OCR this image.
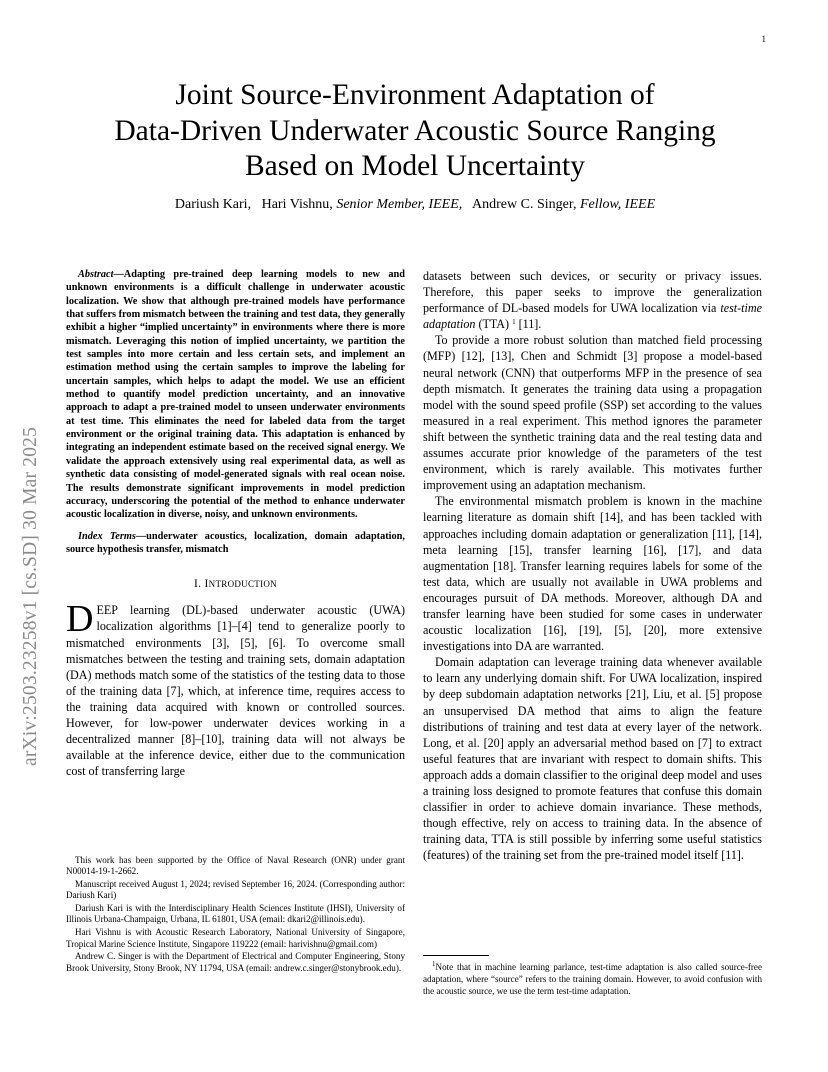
1
arXiv:2503.23258v1 [cs.SD] 30 Mar 2025
Joint Source-Environment Adaptation of
Data-Driven Underwater Acoustic Source Ranging
Based on Model Uncertainty
Dariush Kari, Hari Vishnu, Senior Member, IEEE, Andrew C. Singer, Fellow, IEEE

Abstract—Adapting pre-trained deep learning models to new and unknown environments is a difficult challenge in underwater acoustic localization. We show that although pre-trained models have performance that suffers from mismatch between the training and test data, they generally exhibit a higher “implied uncertainty” in environments where there is more mismatch. Leveraging this notion of implied uncertainty, we partition the test samples into more certain and less certain sets, and implement an estimation method using the certain samples to improve the labeling for uncertain samples, which helps to adapt the model. We use an efficient method to quantify model prediction uncertainty, and an innovative approach to adapt a pre-trained model to unseen underwater environments at test time. This eliminates the need for labeled data from the target environment or the original training data. This adaptation is enhanced by integrating an independent estimate based on the received signal energy. We validate the approach extensively using real experimental data, as well as synthetic data consisting of model-generated signals with real ocean noise. The results demonstrate significant improvements in model prediction accuracy, underscoring the potential of the method to enhance underwater acoustic localization in diverse, noisy, and unknown environments.

Index Terms—underwater acoustics, localization, domain adaptation, source hypothesis transfer, mismatch

I. INTRODUCTION

DEEP learning (DL)-based underwater acoustic (UWA) localization algorithms [1]–[4] tend to generalize poorly to mismatched environments [3], [5], [6]. To overcome small mismatches between the testing and training sets, domain adaptation (DA) methods match some of the statistics of the testing data to those of the training data [7], which, at inference time, requires access to the training data acquired with known or controlled sources. However, for low-power underwater devices working in a decentralized manner [8]–[10], training data will not always be available at the inference device, either due to the communication cost of transferring large

datasets between such devices, or security or privacy issues. Therefore, this paper seeks to improve the generalization performance of DL-based models for UWA localization via test-time adaptation (TTA) $^1$ [11].

To provide a more robust solution than matched field processing (MFP) [12], [13], Chen and Schmidt [3] propose a model-based neural network (CNN) that outperforms MFP in the presence of sea depth mismatch. It generates the training data using a propagation model with the sound speed profile (SSP) set according to the values measured in a real experiment. This method ignores the parameter shift between the synthetic training data and the real testing data and assumes accurate prior knowledge of the parameters of the test environment, which is rarely available. This motivates further improvement using an adaptation mechanism.

The environmental mismatch problem is known in the machine learning literature as domain shift [14], and has been tackled with approaches including domain adaptation or generalization [11], [14], meta learning [15], transfer learning [16], [17], and data augmentation [18]. Transfer learning requires labels for some of the test data, which are usually not available in UWA problems and encourages pursuit of DA methods. Moreover, although DA and transfer learning have been studied for some cases in underwater acoustic localization [16], [19], [5], [20], more extensive investigations into DA are warranted.

Domain adaptation can leverage training data whenever available to learn any underlying domain shift. For UWA localization, inspired by deep subdomain adaptation networks [21], Liu, et al. [5] propose an unsupervised DA method that aims to align the feature distributions of training and test data at every layer of the network. Long, et al. [20] apply an adversarial method based on [7] to extract useful features that are invariant with respect to domain shifts. This approach adds a domain classifier to the original deep model and uses a training loss designed to promote features that confuse this domain classifier in order to achieve domain invariance. These methods, though effective, rely on access to training data. In the absence of training data, TTA is still possible by inferring some useful statistics (features) of the training set from the pre-trained model itself [11].

This work has been supported by the Office of Naval Research (ONR) under grant N00014-19-1-2662.

Manuscript received August 1, 2024; revised September 16, 2024. (Corresponding author: Dariush Kari)

Dariush Kari is with the Interdisciplinary Health Sciences Institute (IHSI), University of Illinois Urbana-Champaign, Urbana, IL 61801, USA (email: dkari2@illinois.edu).

Hari Vishnu is with Acoustic Research Laboratory, National University of Singapore, Tropical Marine Science Institute, Singapore 119222 (email: harivishnu@gmail.com)

Andrew C. Singer is with the Department of Electrical and Computer Engineering, Stony Brook University, Stony Brook, NY 11794, USA (email: andrew.c.singer@stonybrook.edu).	$^1$Note that in machine learning parlance, test-time adaptation is also called source-free adaptation, where “source” refers to the training domain. However, to avoid confusion with the acoustic source, we use the term test-time adaptation.
